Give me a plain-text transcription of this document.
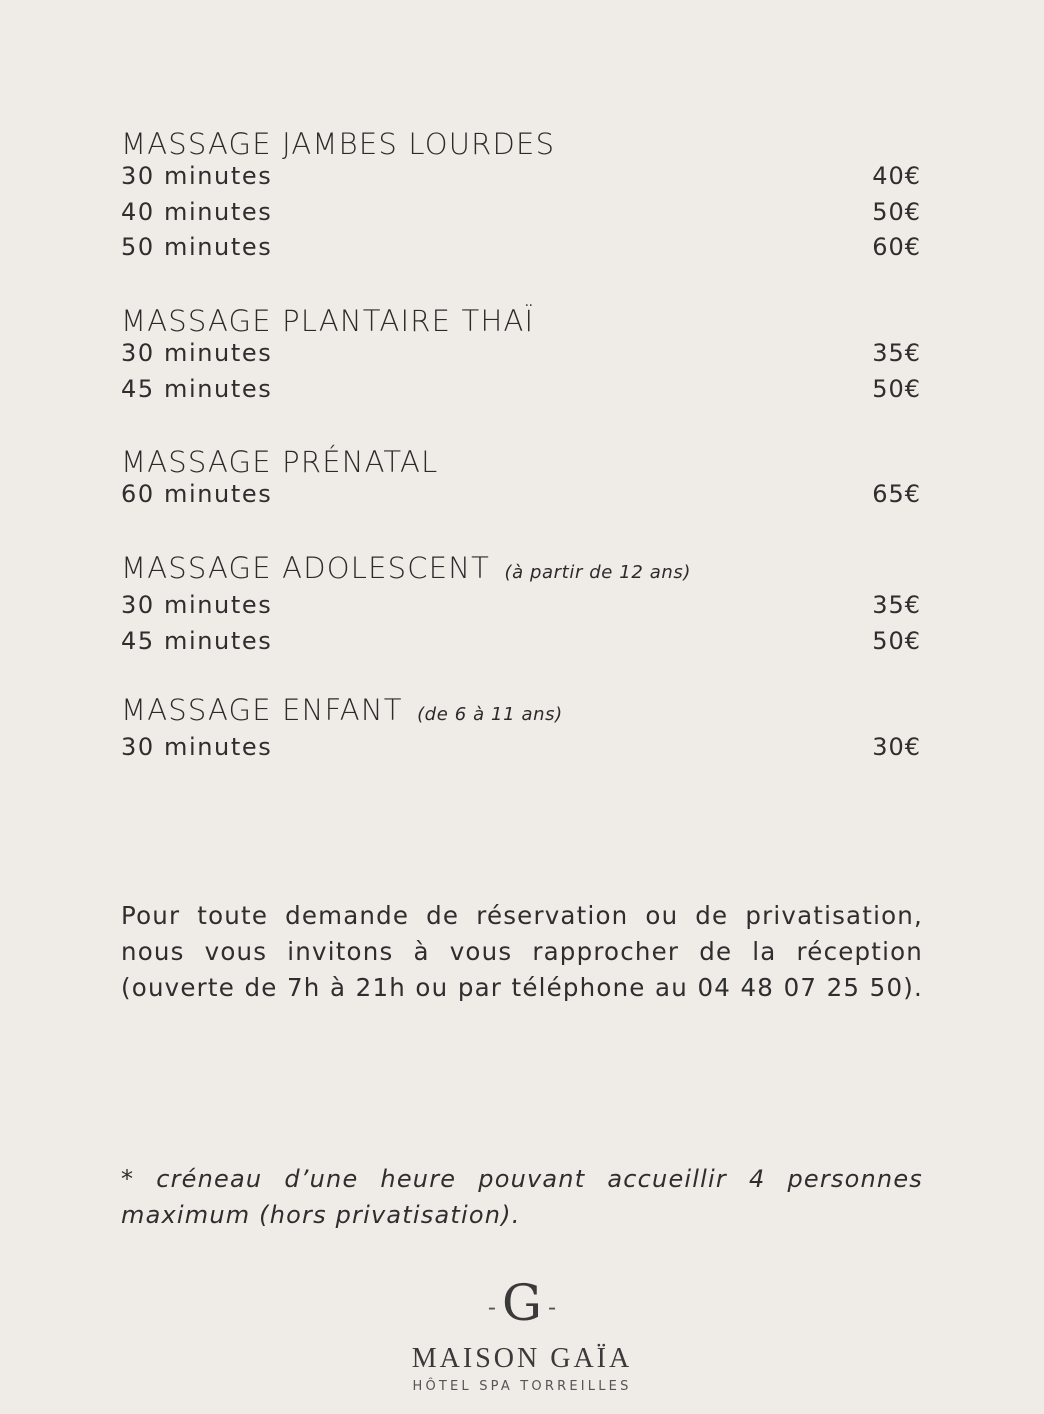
MASSAGE JAMBES LOURDES
30 minutes	40€
40 minutes	50€
50 minutes	60€
MASSAGE PLANTAIRE THAÏ
30 minutes	35€
45 minutes	50€
MASSAGE PRÉNATAL
60 minutes	65€
MASSAGE ADOLESCENT (à partir de 12 ans)
30 minutes	35€
45 minutes	50€
MASSAGE ENFANT (de 6 à 11 ans)
30 minutes	30€
Pour toute demande de réservation ou de privatisation,
nous vous invitons à vous rapprocher de la réception
(ouverte de 7h à 21h ou par téléphone au 04 48 07 25 50).
* créneau d’une heure pouvant accueillir 4 personnes
maximum (hors privatisation).
- G -
MAISON GAÏA
HÔTEL SPA TORREILLES
